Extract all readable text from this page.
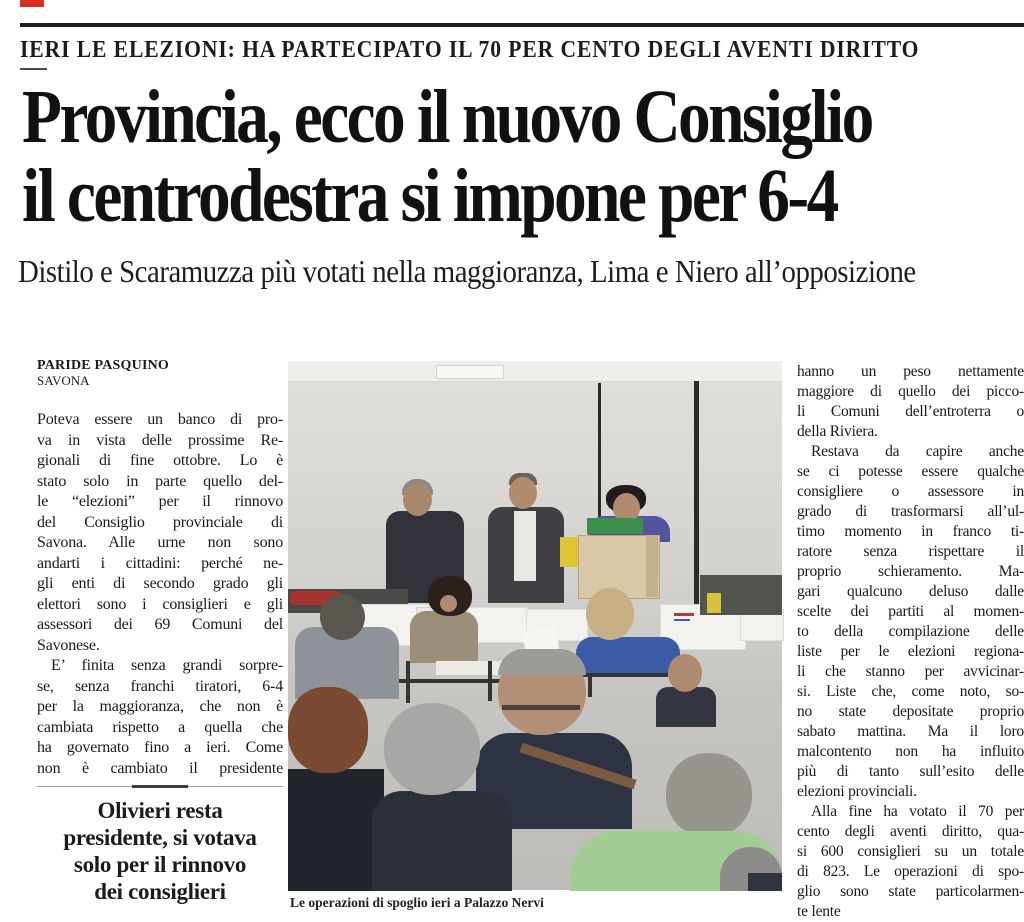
IERI LE ELEZIONI: HA PARTECIPATO IL 70 PER CENTO DEGLI AVENTI DIRITTO
Provincia, ecco il nuovo Consiglio
il centrodestra si impone per 6-4
Distilo e Scaramuzza più votati nella maggioranza, Lima e Niero all’opposizione
PARIDE PASQUINO
SAVONA
Poteva essere un banco di pro-
va in vista delle prossime Re-
gionali di fine ottobre. Lo è
stato solo in parte quello del-
le “elezioni” per il rinnovo
del Consiglio provinciale di
Savona. Alle urne non sono
andarti i cittadini: perché ne-
gli enti di secondo grado gli
elettori sono i consiglieri e gli
assessori dei 69 Comuni del
Savonese.
E’ finita senza grandi sorpre-
se, senza franchi tiratori, 6-4
per la maggioranza, che non è
cambiata rispetto a quella che
ha governato fino a ieri. Come
non è cambiato il presidente
Olivieri resta
presidente, si votava
solo per il rinnovo
dei consiglieri
hanno un peso nettamente
maggiore di quello dei picco-
li Comuni dell’entroterra o
della Riviera.
Restava da capire anche
se ci potesse essere qualche
consigliere o assessore in
grado di trasformarsi all’ul-
timo momento in franco ti-
ratore senza rispettare il
proprio schieramento. Ma-
gari qualcuno deluso dalle
scelte dei partiti al momen-
to della compilazione delle
liste per le elezioni regiona-
li che stanno per avvicinar-
si. Liste che, come noto, so-
no state depositate proprio
sabato mattina. Ma il loro
malcontento non ha influito
più di tanto sull’esito delle
elezioni provinciali.
Alla fine ha votato il 70 per
cento degli aventi diritto, qua-
si 600 consiglieri su un totale
di 823. Le operazioni di spo-
glio sono state particolarmen-
te lente
Le operazioni di spoglio ieri a Palazzo Nervi
